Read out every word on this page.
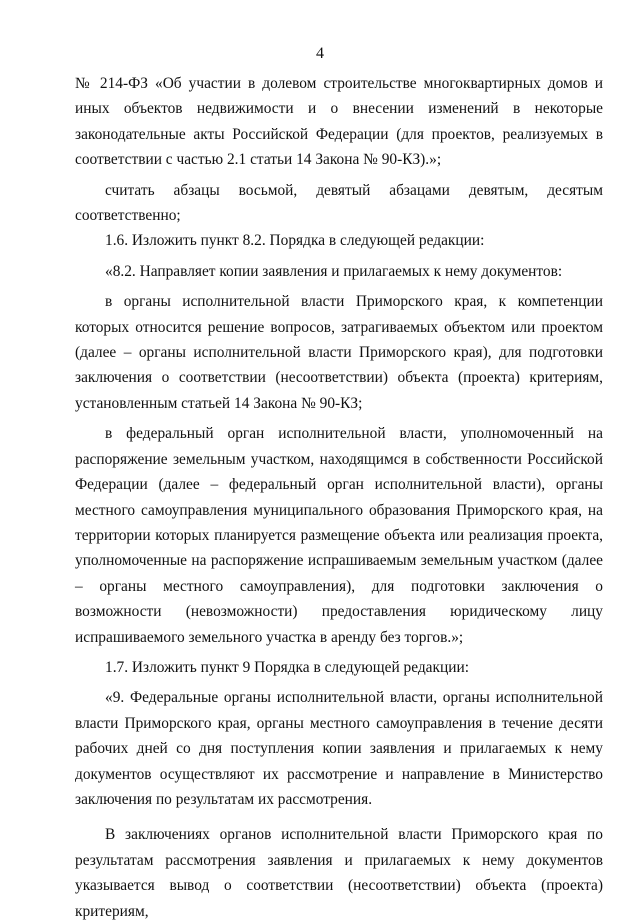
4

№ 214-ФЗ «Об участии в долевом строительстве многоквартирных домов и иных объектов недвижимости и о внесении изменений в некоторые законодательные акты Российской Федерации (для проектов, реализуемых в соответствии с частью 2.1 статьи 14 Закона № 90-КЗ).»;

считать абзацы восьмой, девятый абзацами девятым, десятым соответственно;

1.6. Изложить пункт 8.2. Порядка в следующей редакции:

«8.2. Направляет копии заявления и прилагаемых к нему документов:

в органы исполнительной власти Приморского края, к компетенции которых относится решение вопросов, затрагиваемых объектом или проектом (далее – органы исполнительной власти Приморского края), для подготовки заключения о соответствии (несоответствии) объекта (проекта) критериям, установленным статьей 14 Закона № 90-КЗ;

в федеральный орган исполнительной власти, уполномоченный на распоряжение земельным участком, находящимся в собственности Российской Федерации (далее – федеральный орган исполнительной власти), органы местного самоуправления муниципального образования Приморского края, на территории которых планируется размещение объекта или реализация проекта, уполномоченные на распоряжение испрашиваемым земельным участком (далее – органы местного самоуправления), для подготовки заключения о возможности (невозможности) предоставления юридическому лицу испрашиваемого земельного участка в аренду без торгов.»;

1.7. Изложить пункт 9 Порядка в следующей редакции:

«9. Федеральные органы исполнительной власти, органы исполнительной власти Приморского края, органы местного самоуправления в течение десяти рабочих дней со дня поступления копии заявления и прилагаемых к нему документов осуществляют их рассмотрение и направление в Министерство заключения по результатам их рассмотрения.

В заключениях органов исполнительной власти Приморского края по результатам рассмотрения заявления и прилагаемых к нему документов указывается вывод о соответствии (несоответствии) объекта (проекта) критериям,
